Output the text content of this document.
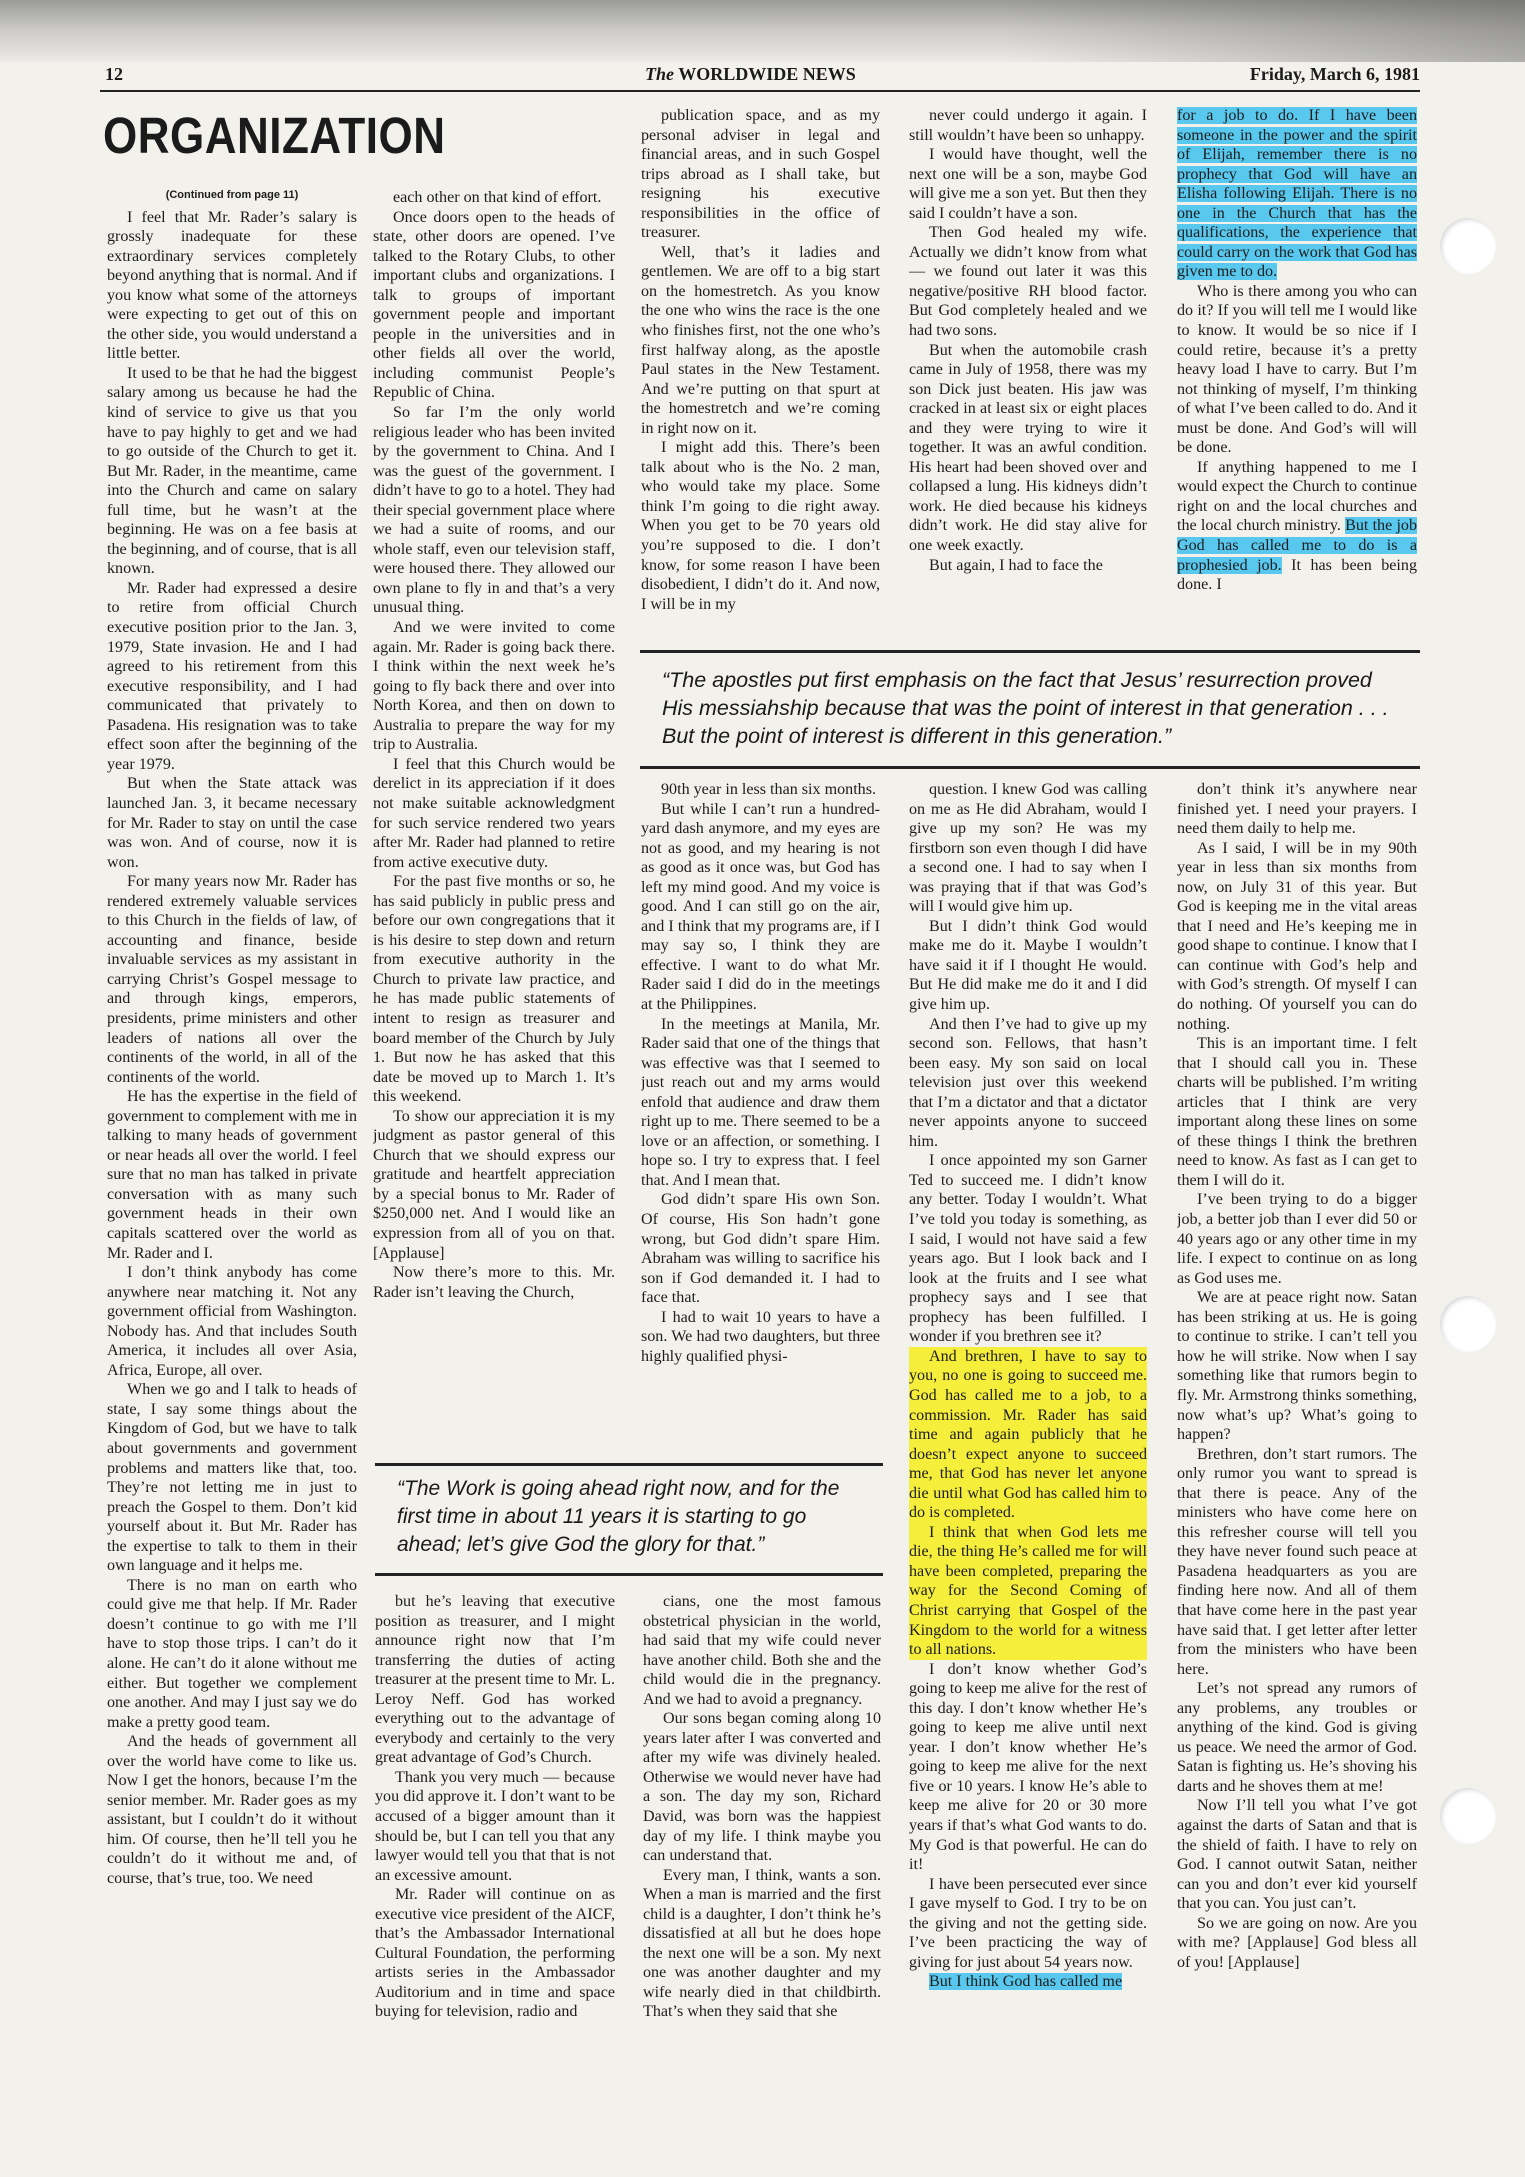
12	The WORLDWIDE NEWS	Friday, March 6, 1981
ORGANIZATION
(Continued from page 11)

I feel that Mr. Rader’s salary is grossly inadequate for these extraordinary services completely beyond anything that is normal. And if you know what some of the attorneys were expecting to get out of this on the other side, you would understand a little better.

It used to be that he had the biggest salary among us because he had the kind of service to give us that you have to pay highly to get and we had to go outside of the Church to get it. But Mr. Rader, in the meantime, came into the Church and came on salary full time, but he wasn’t at the beginning. He was on a fee basis at the beginning, and of course, that is all known.

Mr. Rader had expressed a desire to retire from official Church executive position prior to the Jan. 3, 1979, State invasion. He and I had agreed to his retirement from this executive responsibility, and I had communicated that privately to Pasadena. His resignation was to take effect soon after the beginning of the year 1979.

But when the State attack was launched Jan. 3, it became necessary for Mr. Rader to stay on until the case was won. And of course, now it is won.

For many years now Mr. Rader has rendered extremely valuable services to this Church in the fields of law, of accounting and finance, beside invaluable services as my assistant in carrying Christ’s Gospel message to and through kings, emperors, presidents, prime ministers and other leaders of nations all over the continents of the world, in all of the continents of the world.

He has the expertise in the field of government to complement with me in talking to many heads of government or near heads all over the world. I feel sure that no man has talked in private conversation with as many such government heads in their own capitals scattered over the world as Mr. Rader and I.

I don’t think anybody has come anywhere near matching it. Not any government official from Washington. Nobody has. And that includes South America, it includes all over Asia, Africa, Europe, all over.

When we go and I talk to heads of state, I say some things about the Kingdom of God, but we have to talk about governments and government problems and matters like that, too. They’re not letting me in just to preach the Gospel to them. Don’t kid yourself about it. But Mr. Rader has the expertise to talk to them in their own language and it helps me.

There is no man on earth who could give me that help. If Mr. Rader doesn’t continue to go with me I’ll have to stop those trips. I can’t do it alone. He can’t do it alone without me either. But together we complement one another. And may I just say we do make a pretty good team.

And the heads of government all over the world have come to like us. Now I get the honors, because I’m the senior member. Mr. Rader goes as my assistant, but I couldn’t do it without him. Of course, then he’ll tell you he couldn’t do it without me and, of course, that’s true, too. We need

each other on that kind of effort.

Once doors open to the heads of state, other doors are opened. I’ve talked to the Rotary Clubs, to other important clubs and organizations. I talk to groups of important government people and important people in the universities and in other fields all over the world, including communist People’s Republic of China.

So far I’m the only world religious leader who has been invited by the government to China. And I was the guest of the government. I didn’t have to go to a hotel. They had their special government place where we had a suite of rooms, and our whole staff, even our television staff, were housed there. They allowed our own plane to fly in and that’s a very unusual thing.

And we were invited to come again. Mr. Rader is going back there. I think within the next week he’s going to fly back there and over into North Korea, and then on down to Australia to prepare the way for my trip to Australia.

I feel that this Church would be derelict in its appreciation if it does not make suitable acknowledgment for such service rendered two years after Mr. Rader had planned to retire from active executive duty.

For the past five months or so, he has said publicly in public press and before our own congregations that it is his desire to step down and return from executive authority in the Church to private law practice, and he has made public statements of intent to resign as treasurer and board member of the Church by July 1. But now he has asked that this date be moved up to March 1. It’s this weekend.

To show our appreciation it is my judgment as pastor general of this Church that we should express our gratitude and heartfelt appreciation by a special bonus to Mr. Rader of $250,000 net. And I would like an expression from all of you on that. [Applause]

Now there’s more to this. Mr. Rader isn’t leaving the Church,

publication space, and as my personal adviser in legal and financial areas, and in such Gospel trips abroad as I shall take, but resigning his executive responsibilities in the office of treasurer.

Well, that’s it ladies and gentlemen. We are off to a big start on the homestretch. As you know the one who wins the race is the one who finishes first, not the one who’s first halfway along, as the apostle Paul states in the New Testament. And we’re putting on that spurt at the homestretch and we’re coming in right now on it.

I might add this. There’s been talk about who is the No. 2 man, who would take my place. Some think I’m going to die right away. When you get to be 70 years old you’re supposed to die. I don’t know, for some reason I have been disobedient, I didn’t do it. And now, I will be in my

never could undergo it again. I still wouldn’t have been so unhappy.

I would have thought, well the next one will be a son, maybe God will give me a son yet. But then they said I couldn’t have a son.

Then God healed my wife. Actually we didn’t know from what — we found out later it was this negative/positive RH blood factor. But God completely healed and we had two sons.

But when the automobile crash came in July of 1958, there was my son Dick just beaten. His jaw was cracked in at least six or eight places and they were trying to wire it together. It was an awful condition. His heart had been shoved over and collapsed a lung. His kidneys didn’t work. He died because his kidneys didn’t work. He did stay alive for one week exactly.

But again, I had to face the

for a job to do. If I have been someone in the power and the spirit of Elijah, remember there is no prophecy that God will have an Elisha following Elijah. There is no one in the Church that has the qualifications, the experience that could carry on the work that God has given me to do.

Who is there among you who can do it? If you will tell me I would like to know. It would be so nice if I could retire, because it’s a pretty heavy load I have to carry. But I’m not thinking of myself, I’m thinking of what I’ve been called to do. And it must be done. And God’s will will be done.

If anything happened to me I would expect the Church to continue right on and the local churches and the local church ministry. But the job God has called me to do is a prophesied job. It has been being done. I

“The apostles put first emphasis on the fact that Jesus’ resurrection proved His messiahship because that was the point of interest in that generation . . . But the point of interest is different in this generation.”

90th year in less than six months.

But while I can’t run a hundred-yard dash anymore, and my eyes are not as good, and my hearing is not as good as it once was, but God has left my mind good. And my voice is good. And I can still go on the air, and I think that my programs are, if I may say so, I think they are effective. I want to do what Mr. Rader said I did do in the meetings at the Philippines.

In the meetings at Manila, Mr. Rader said that one of the things that was effective was that I seemed to just reach out and my arms would enfold that audience and draw them right up to me. There seemed to be a love or an affection, or something. I hope so. I try to express that. I feel that. And I mean that.

God didn’t spare His own Son. Of course, His Son hadn’t gone wrong, but God didn’t spare Him. Abraham was willing to sacrifice his son if God demanded it. I had to face that.

I had to wait 10 years to have a son. We had two daughters, but three highly qualified physi-

“The Work is going ahead right now, and for the first time in about 11 years it is starting to go ahead; let’s give God the glory for that.”

but he’s leaving that executive position as treasurer, and I might announce right now that I’m transferring the duties of acting treasurer at the present time to Mr. L. Leroy Neff. God has worked everything out to the advantage of everybody and certainly to the very great advantage of God’s Church.

Thank you very much — because you did approve it. I don’t want to be accused of a bigger amount than it should be, but I can tell you that any lawyer would tell you that that is not an excessive amount.

Mr. Rader will continue on as executive vice president of the AICF, that’s the Ambassador International Cultural Foundation, the performing artists series in the Ambassador Auditorium and in time and space buying for television, radio and

cians, one the most famous obstetrical physician in the world, had said that my wife could never have another child. Both she and the child would die in the pregnancy. And we had to avoid a pregnancy.

Our sons began coming along 10 years later after I was converted and after my wife was divinely healed. Otherwise we would never have had a son. The day my son, Richard David, was born was the happiest day of my life. I think maybe you can understand that.

Every man, I think, wants a son. When a man is married and the first child is a daughter, I don’t think he’s dissatisfied at all but he does hope the next one will be a son. My next one was another daughter and my wife nearly died in that childbirth. That’s when they said that she

question. I knew God was calling on me as He did Abraham, would I give up my son? He was my firstborn son even though I did have a second one. I had to say when I was praying that if that was God’s will I would give him up.

But I didn’t think God would make me do it. Maybe I wouldn’t have said it if I thought He would. But He did make me do it and I did give him up.

And then I’ve had to give up my second son. Fellows, that hasn’t been easy. My son said on local television just over this weekend that I’m a dictator and that a dictator never appoints anyone to succeed him.

I once appointed my son Garner Ted to succeed me. I didn’t know any better. Today I wouldn’t. What I’ve told you today is something, as I said, I would not have said a few years ago. But I look back and I look at the fruits and I see what prophecy says and I see that prophecy has been fulfilled. I wonder if you brethren see it?

And brethren, I have to say to you, no one is going to succeed me. God has called me to a job, to a commission. Mr. Rader has said time and again publicly that he doesn’t expect anyone to succeed me, that God has never let anyone die until what God has called him to do is completed.

I think that when God lets me die, the thing He’s called me for will have been completed, preparing the way for the Second Coming of Christ carrying that Gospel of the Kingdom to the world for a witness to all nations.

I don’t know whether God’s going to keep me alive for the rest of this day. I don’t know whether He’s going to keep me alive until next year. I don’t know whether He’s going to keep me alive for the next five or 10 years. I know He’s able to keep me alive for 20 or 30 more years if that’s what God wants to do. My God is that powerful. He can do it!

I have been persecuted ever since I gave myself to God. I try to be on the giving and not the getting side. I’ve been practicing the way of giving for just about 54 years now.

But I think God has called me

don’t think it’s anywhere near finished yet. I need your prayers. I need them daily to help me.

As I said, I will be in my 90th year in less than six months from now, on July 31 of this year. But God is keeping me in the vital areas that I need and He’s keeping me in good shape to continue. I know that I can continue with God’s help and with God’s strength. Of myself I can do nothing. Of yourself you can do nothing.

This is an important time. I felt that I should call you in. These charts will be published. I’m writing articles that I think are very important along these lines on some of these things I think the brethren need to know. As fast as I can get to them I will do it.

I’ve been trying to do a bigger job, a better job than I ever did 50 or 40 years ago or any other time in my life. I expect to continue on as long as God uses me.

We are at peace right now. Satan has been striking at us. He is going to continue to strike. I can’t tell you how he will strike. Now when I say something like that rumors begin to fly. Mr. Armstrong thinks something, now what’s up? What’s going to happen?

Brethren, don’t start rumors. The only rumor you want to spread is that there is peace. Any of the ministers who have come here on this refresher course will tell you they have never found such peace at Pasadena headquarters as you are finding here now. And all of them that have come here in the past year have said that. I get letter after letter from the ministers who have been here.

Let’s not spread any rumors of any problems, any troubles or anything of the kind. God is giving us peace. We need the armor of God. Satan is fighting us. He’s shoving his darts and he shoves them at me!

Now I’ll tell you what I’ve got against the darts of Satan and that is the shield of faith. I have to rely on God. I cannot outwit Satan, neither can you and don’t ever kid yourself that you can. You just can’t.

So we are going on now. Are you with me? [Applause] God bless all of you! [Applause]
